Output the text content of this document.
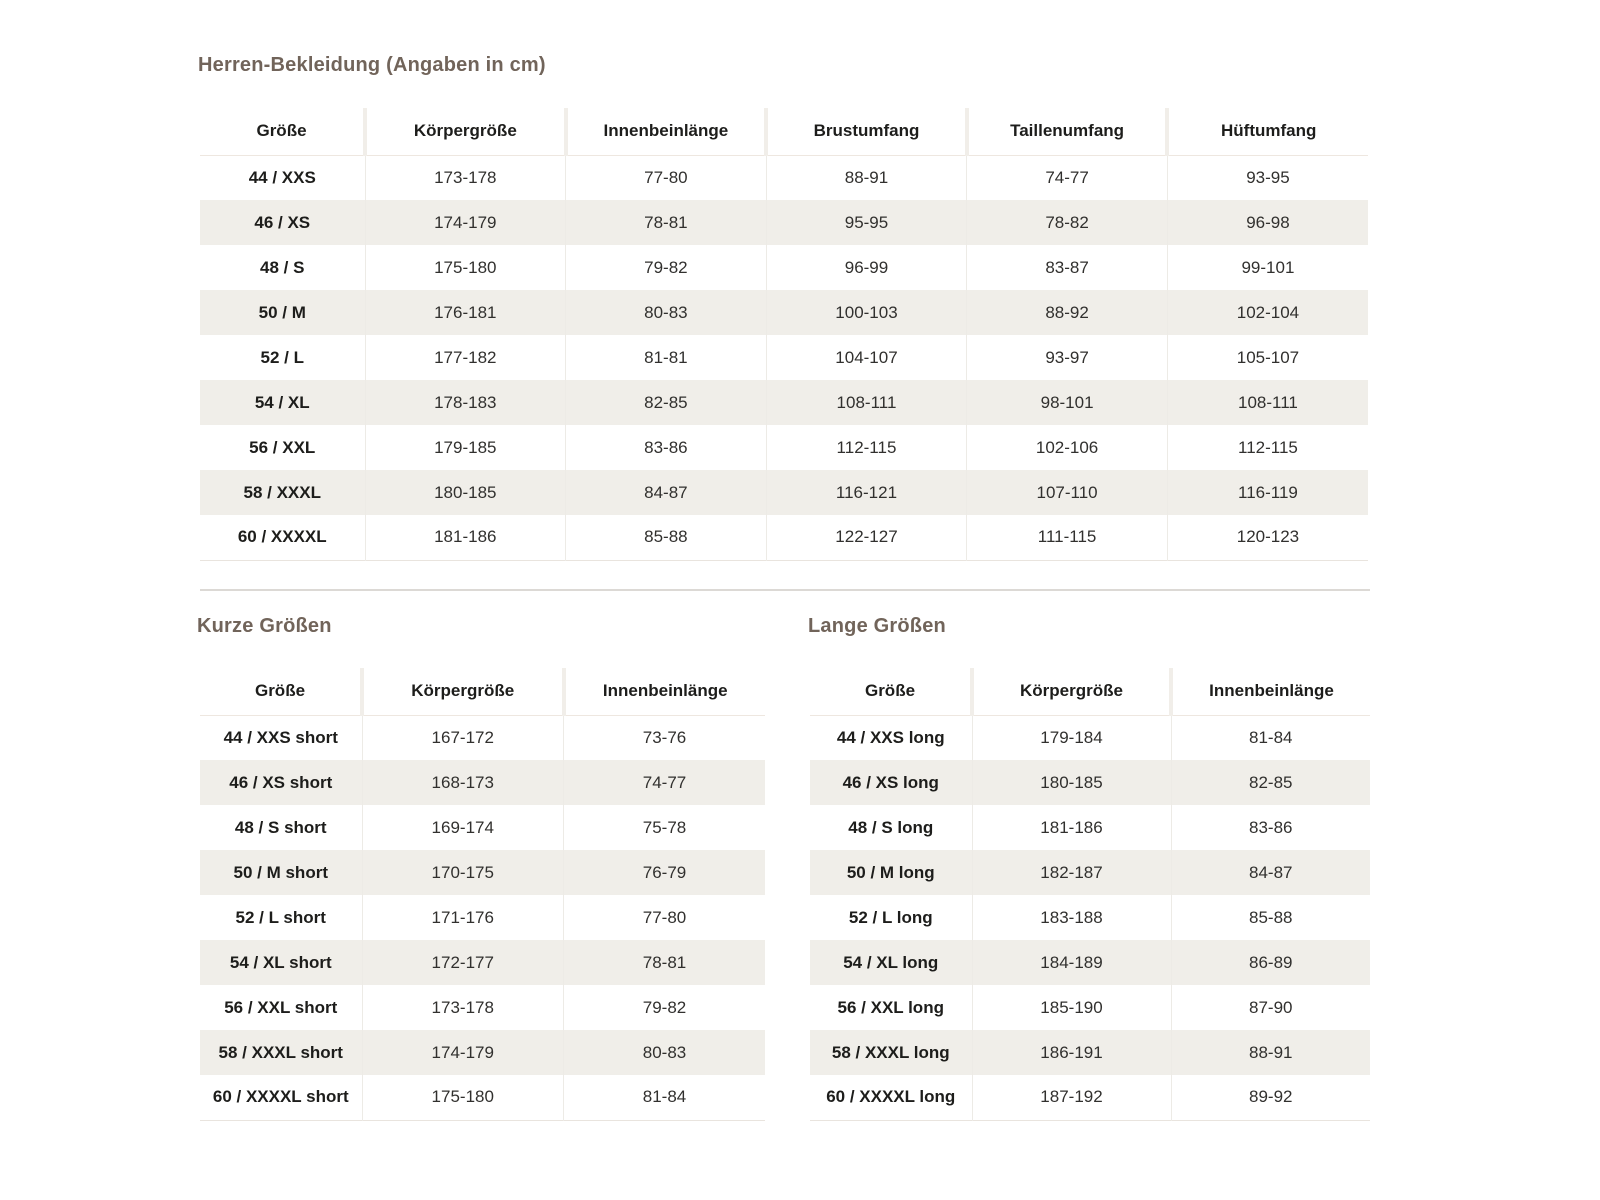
Herren-Bekleidung (Angaben in cm)
Größe	Körpergröße	Innenbeinlänge	Brustumfang	Taillenumfang	Hüftumfang
44 / XXS	173-178	77-80	88-91	74-77	93-95
46 / XS	174-179	78-81	95-95	78-82	96-98
48 / S	175-180	79-82	96-99	83-87	99-101
50 / M	176-181	80-83	100-103	88-92	102-104
52 / L	177-182	81-81	104-107	93-97	105-107
54 / XL	178-183	82-85	108-111	98-101	108-111
56 / XXL	179-185	83-86	112-115	102-106	112-115
58 / XXXL	180-185	84-87	116-121	107-110	116-119
60 / XXXXL	181-186	85-88	122-127	111-115	120-123
Kurze Größen
Größe	Körpergröße	Innenbeinlänge
44 / XXS short	167-172	73-76
46 / XS short	168-173	74-77
48 / S short	169-174	75-78
50 / M short	170-175	76-79
52 / L short	171-176	77-80
54 / XL short	172-177	78-81
56 / XXL short	173-178	79-82
58 / XXXL short	174-179	80-83
60 / XXXXL short	175-180	81-84
Lange Größen
Größe	Körpergröße	Innenbeinlänge
44 / XXS long	179-184	81-84
46 / XS long	180-185	82-85
48 / S long	181-186	83-86
50 / M long	182-187	84-87
52 / L long	183-188	85-88
54 / XL long	184-189	86-89
56 / XXL long	185-190	87-90
58 / XXXL long	186-191	88-91
60 / XXXXL long	187-192	89-92
